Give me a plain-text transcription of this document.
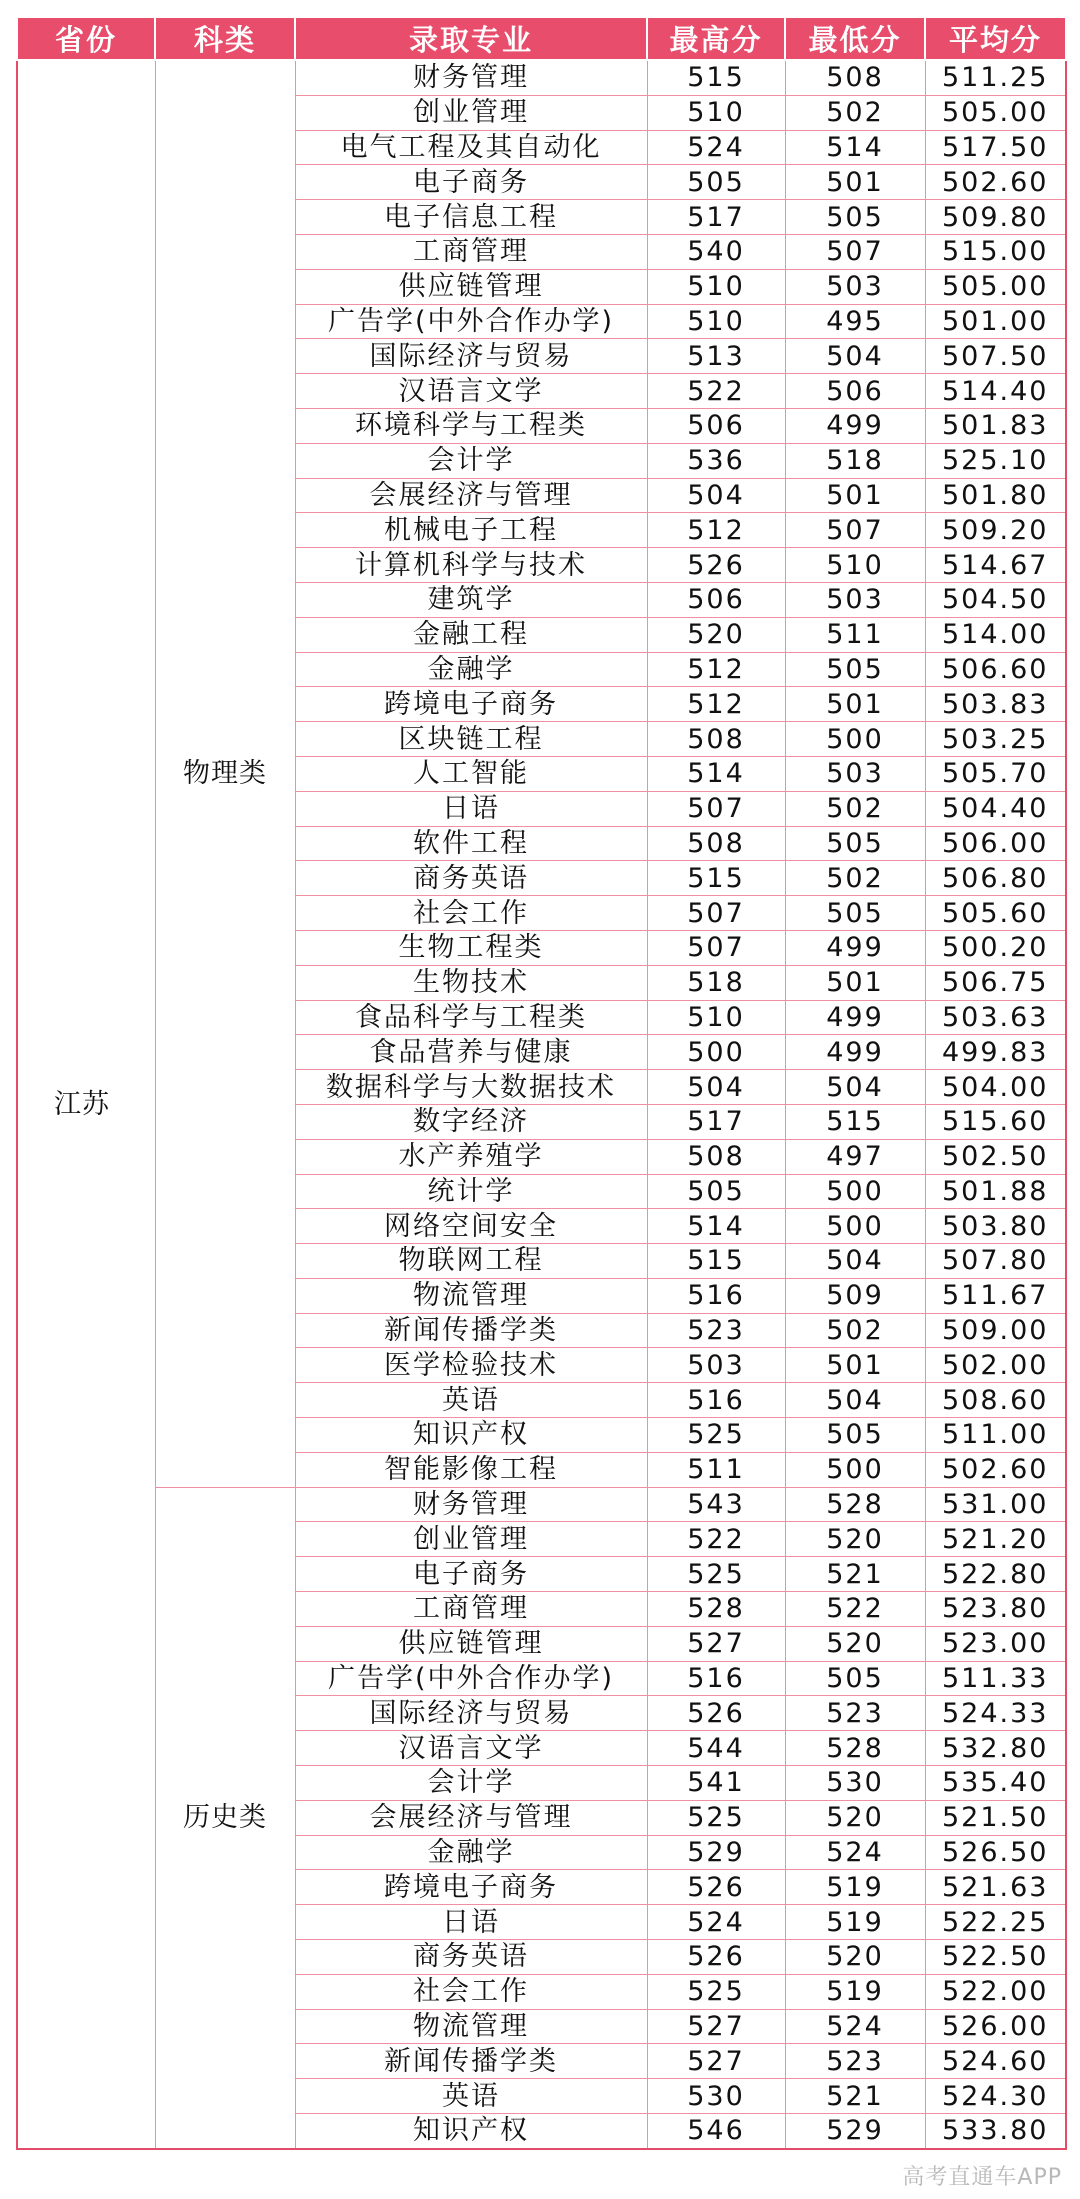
省份	科类	录取专业	最高分	最低分	平均分
江苏	物理类	财务管理	515	508	511.25
		创业管理	510	502	505.00
		电气工程及其自动化	524	514	517.50
		电子商务	505	501	502.60
		电子信息工程	517	505	509.80
		工商管理	540	507	515.00
		供应链管理	510	503	505.00
		广告学(中外合作办学)	510	495	501.00
		国际经济与贸易	513	504	507.50
		汉语言文学	522	506	514.40
		环境科学与工程类	506	499	501.83
		会计学	536	518	525.10
		会展经济与管理	504	501	501.80
		机械电子工程	512	507	509.20
		计算机科学与技术	526	510	514.67
		建筑学	506	503	504.50
		金融工程	520	511	514.00
		金融学	512	505	506.60
		跨境电子商务	512	501	503.83
		区块链工程	508	500	503.25
		人工智能	514	503	505.70
		日语	507	502	504.40
		软件工程	508	505	506.00
		商务英语	515	502	506.80
		社会工作	507	505	505.60
		生物工程类	507	499	500.20
		生物技术	518	501	506.75
		食品科学与工程类	510	499	503.63
		食品营养与健康	500	499	499.83
		数据科学与大数据技术	504	504	504.00
		数字经济	517	515	515.60
		水产养殖学	508	497	502.50
		统计学	505	500	501.88
		网络空间安全	514	500	503.80
		物联网工程	515	504	507.80
		物流管理	516	509	511.67
		新闻传播学类	523	502	509.00
		医学检验技术	503	501	502.00
		英语	516	504	508.60
		知识产权	525	505	511.00
		智能影像工程	511	500	502.60
	历史类	财务管理	543	528	531.00
		创业管理	522	520	521.20
		电子商务	525	521	522.80
		工商管理	528	522	523.80
		供应链管理	527	520	523.00
		广告学(中外合作办学)	516	505	511.33
		国际经济与贸易	526	523	524.33
		汉语言文学	544	528	532.80
		会计学	541	530	535.40
		会展经济与管理	525	520	521.50
		金融学	529	524	526.50
		跨境电子商务	526	519	521.63
		日语	524	519	522.25
		商务英语	526	520	522.50
		社会工作	525	519	522.00
		物流管理	527	524	526.00
		新闻传播学类	527	523	524.60
		英语	530	521	524.30
		知识产权	546	529	533.80
高考直通车APP
